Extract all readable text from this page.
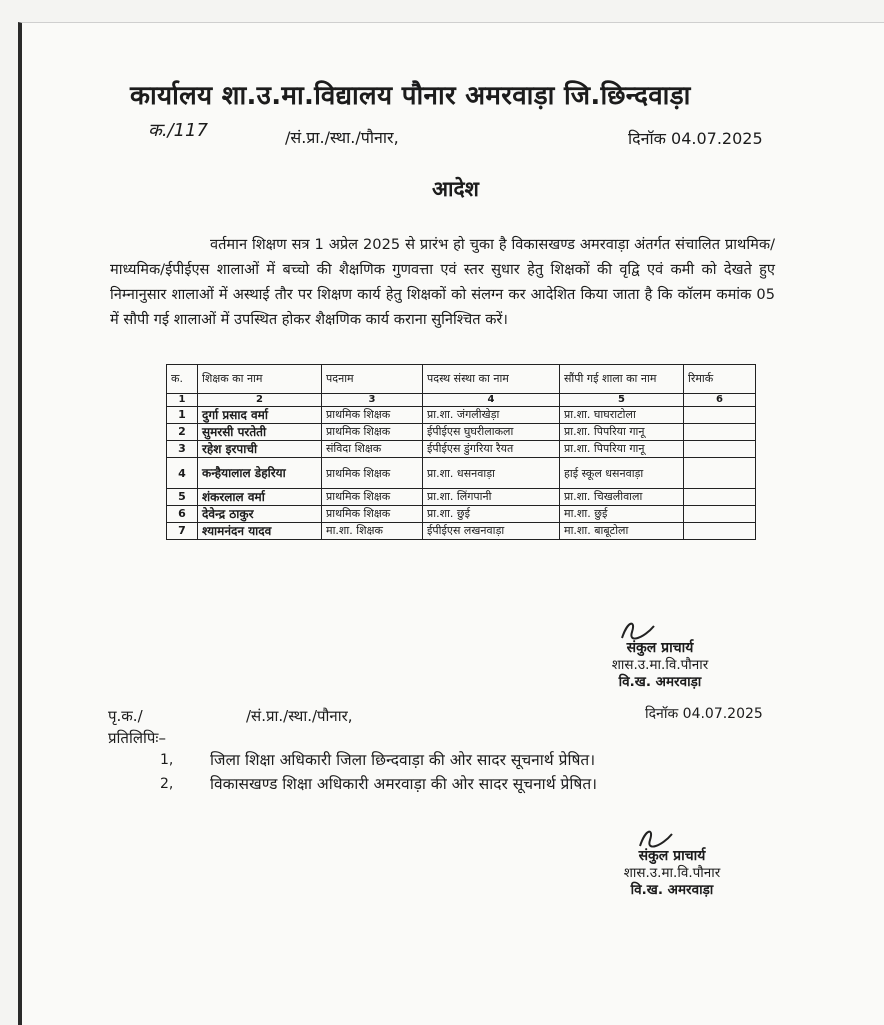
कार्यालय शा.उ.मा.विद्यालय पौनार अमरवाड़ा जि.छिन्दवाड़ा
क./117	/सं.प्रा./स्था./पौनार,	दिनॉक 04.07.2025
आदेश
वर्तमान शिक्षण सत्र 1 अप्रेल 2025 से प्रारंभ हो चुका है विकासखण्ड अमरवाड़ा अंतर्गत संचालित प्राथमिक/माध्यमिक/ईपीईएस शालाओं में बच्चो की शैक्षणिक गुणवत्ता एवं स्तर सुधार हेतु शिक्षकों की वृद्वि एवं कमी को देखते हुए निम्नानुसार शालाओं में अस्थाई तौर पर शिक्षण कार्य हेतु शिक्षकों को संलग्न कर आदेशित किया जाता है कि कॉलम कमांक 05 में सौपी गई शालाओं में उपस्थित होकर शैक्षणिक कार्य कराना सुनिश्चित करें।
क.	शिक्षक का नाम	पदनाम	पदस्थ संस्था का नाम	सौंपी गई शाला का नाम	रिमार्क
1	2	3	4	5	6
1	दुर्गा प्रसाद वर्मा	प्राथमिक शिक्षक	प्रा.शा. जंगलीखेड़ा	प्रा.शा. घाघराटोला	
2	सुमरसी परतेती	प्राथमिक शिक्षक	ईपीईएस घुघरीलाकला	प्रा.शा. पिपरिया गानू	
3	रहेश इरपाची	संविदा शिक्षक	ईपीईएस डुंगरिया रैयत	प्रा.शा. पिपरिया गानू	
4	कन्हैयालाल डेहरिया	प्राथमिक शिक्षक	प्रा.शा. धसनवाड़ा	हाई स्कूल धसनवाड़ा	
5	शंकरलाल वर्मा	प्राथमिक शिक्षक	प्रा.शा. लिंगपानी	प्रा.शा. चिखलीवाला	
6	देवेन्द्र ठाकुर	प्राथमिक शिक्षक	प्रा.शा. छुई	मा.शा. छुई	
7	श्यामनंदन यादव	मा.शा. शिक्षक	ईपीईएस लखनवाड़ा	मा.शा. बाबूटोला	
संकुल प्राचार्य
शास.उ.मा.वि.पौनार
वि.ख. अमरवाड़ा
पृ.क./	/सं.प्रा./स्था./पौनार,	दिनॉक 04.07.2025
प्रतिलिपिः–
1, जिला शिक्षा अधिकारी जिला छिन्दवाड़ा की ओर सादर सूचनार्थ प्रेषित।
2, विकासखण्ड शिक्षा अधिकारी अमरवाड़ा की ओर सादर सूचनार्थ प्रेषित।
संकुल प्राचार्य
शास.उ.मा.वि.पौनार
वि.ख. अमरवाड़ा
